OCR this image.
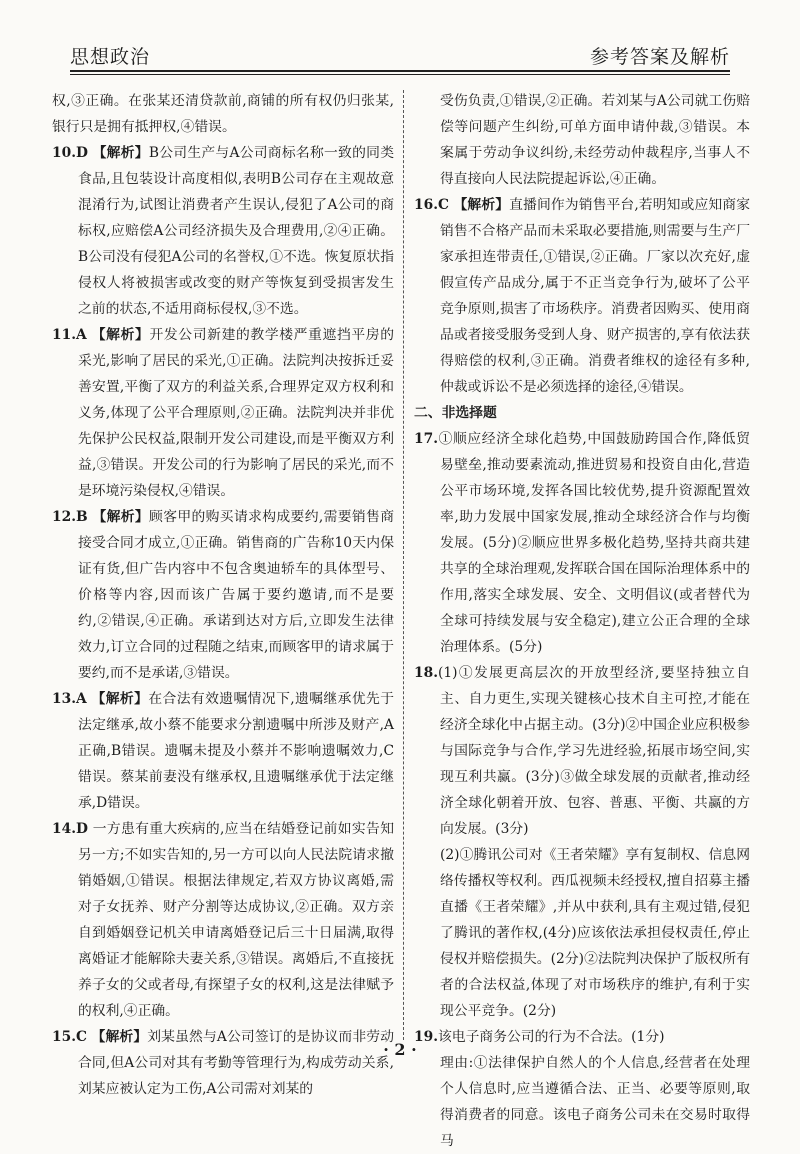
思想政治	参考答案及解析

权,③正确。在张某还清贷款前,商铺的所有权仍归张某,银行只是拥有抵押权,④错误。

10.D 【解析】B公司生产与A公司商标名称一致的同类食品,且包装设计高度相似,表明B公司存在主观故意混淆行为,试图让消费者产生误认,侵犯了A公司的商标权,应赔偿A公司经济损失及合理费用,②④正确。B公司没有侵犯A公司的名誉权,①不选。恢复原状指侵权人将被损害或改变的财产等恢复到受损害发生之前的状态,不适用商标侵权,③不选。

11.A 【解析】开发公司新建的教学楼严重遮挡平房的采光,影响了居民的采光,①正确。法院判决按拆迁妥善安置,平衡了双方的利益关系,合理界定双方权利和义务,体现了公平合理原则,②正确。法院判决并非优先保护公民权益,限制开发公司建设,而是平衡双方利益,③错误。开发公司的行为影响了居民的采光,而不是环境污染侵权,④错误。

12.B 【解析】顾客甲的购买请求构成要约,需要销售商接受合同才成立,①正确。销售商的广告称10天内保证有货,但广告内容中不包含奥迪轿车的具体型号、价格等内容,因而该广告属于要约邀请,而不是要约,②错误,④正确。承诺到达对方后,立即发生法律效力,订立合同的过程随之结束,而顾客甲的请求属于要约,而不是承诺,③错误。

13.A 【解析】在合法有效遗嘱情况下,遗嘱继承优先于法定继承,故小蔡不能要求分割遗嘱中所涉及财产,A正确,B错误。遗嘱未提及小蔡并不影响遗嘱效力,C错误。蔡某前妻没有继承权,且遗嘱继承优于法定继承,D错误。

14.D 一方患有重大疾病的,应当在结婚登记前如实告知另一方;不如实告知的,另一方可以向人民法院请求撤销婚姻,①错误。根据法律规定,若双方协议离婚,需对子女抚养、财产分割等达成协议,②正确。双方亲自到婚姻登记机关申请离婚登记后三十日届满,取得离婚证才能解除夫妻关系,③错误。离婚后,不直接抚养子女的父或者母,有探望子女的权利,这是法律赋予的权利,④正确。

15.C 【解析】刘某虽然与A公司签订的是协议而非劳动合同,但A公司对其有考勤等管理行为,构成劳动关系,刘某应被认定为工伤,A公司需对刘某的

受伤负责,①错误,②正确。若刘某与A公司就工伤赔偿等问题产生纠纷,可单方面申请仲裁,③错误。本案属于劳动争议纠纷,未经劳动仲裁程序,当事人不得直接向人民法院提起诉讼,④正确。

16.C 【解析】直播间作为销售平台,若明知或应知商家销售不合格产品而未采取必要措施,则需要与生产厂家承担连带责任,①错误,②正确。厂家以次充好,虚假宣传产品成分,属于不正当竞争行为,破坏了公平竞争原则,损害了市场秩序。消费者因购买、使用商品或者接受服务受到人身、财产损害的,享有依法获得赔偿的权利,③正确。消费者维权的途径有多种,仲裁或诉讼不是必须选择的途径,④错误。

二、非选择题

17.①顺应经济全球化趋势,中国鼓励跨国合作,降低贸易壁垒,推动要素流动,推进贸易和投资自由化,营造公平市场环境,发挥各国比较优势,提升资源配置效率,助力发展中国家发展,推动全球经济合作与均衡发展。(5分)②顺应世界多极化趋势,坚持共商共建共享的全球治理观,发挥联合国在国际治理体系中的作用,落实全球发展、安全、文明倡议(或者替代为全球可持续发展与安全稳定),建立公正合理的全球治理体系。(5分)

18.(1)①发展更高层次的开放型经济,要坚持独立自主、自力更生,实现关键核心技术自主可控,才能在经济全球化中占据主动。(3分)②中国企业应积极参与国际竞争与合作,学习先进经验,拓展市场空间,实现互利共赢。(3分)③做全球发展的贡献者,推动经济全球化朝着开放、包容、普惠、平衡、共赢的方向发展。(3分)

(2)①腾讯公司对《王者荣耀》享有复制权、信息网络传播权等权利。西瓜视频未经授权,擅自招募主播直播《王者荣耀》,并从中获利,具有主观过错,侵犯了腾讯的著作权,(4分)应该依法承担侵权责任,停止侵权并赔偿损失。(2分)②法院判决保护了版权所有者的合法权益,体现了对市场秩序的维护,有利于实现公平竞争。(2分)

19.该电子商务公司的行为不合法。(1分)

理由:①法律保护自然人的个人信息,经营者在处理个人信息时,应当遵循合法、正当、必要等原则,取得消费者的同意。该电子商务公司未在交易时取得马

· 2 ·
